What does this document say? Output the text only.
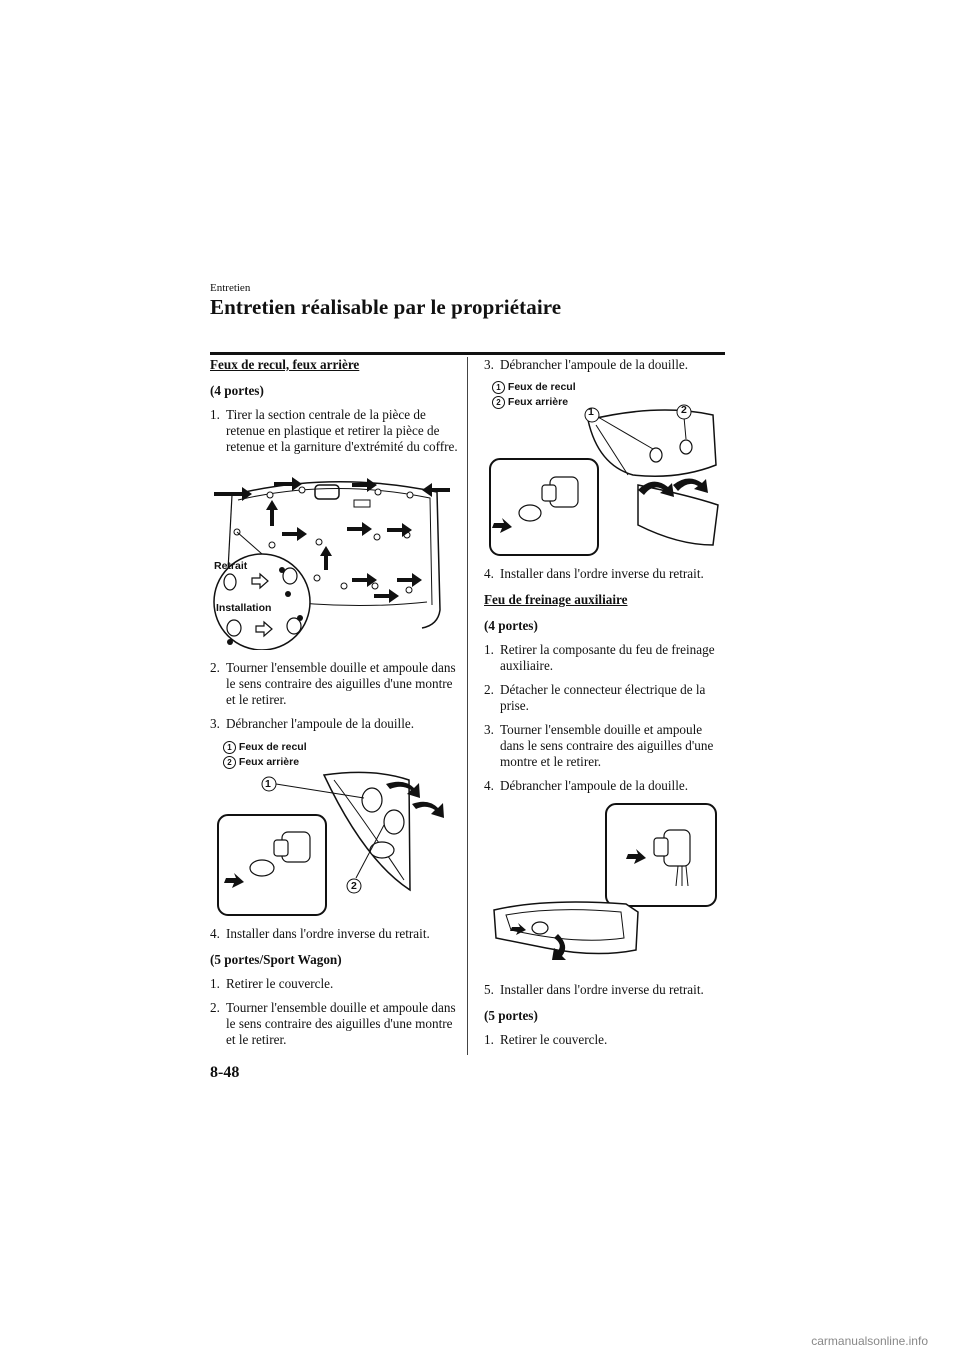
Entretien
Entretien réalisable par le propriétaire

Feux de recul, feux arrière

(4 portes)

1. Tirer la section centrale de la pièce de retenue en plastique et retirer la pièce de retenue et la garniture d'extrémité du coffre.
Retrait
Installation
2. Tourner l'ensemble douille et ampoule dans le sens contraire des aiguilles d'une montre et le retirer.
3. Débrancher l'ampoule de la douille.
1 Feux de recul
2 Feux arrière
1
2
4. Installer dans l'ordre inverse du retrait.

(5 portes/Sport Wagon)

1. Retirer le couvercle.
2. Tourner l'ensemble douille et ampoule dans le sens contraire des aiguilles d'une montre et le retirer.
3. Débrancher l'ampoule de la douille.
1 Feux de recul
2 Feux arrière
1	2
4. Installer dans l'ordre inverse du retrait.

Feu de freinage auxiliaire

(4 portes)

1. Retirer la composante du feu de freinage auxiliaire.
2. Détacher le connecteur électrique de la prise.
3. Tourner l'ensemble douille et ampoule dans le sens contraire des aiguilles d'une montre et le retirer.
4. Débrancher l'ampoule de la douille.
5. Installer dans l'ordre inverse du retrait.

(5 portes)

1. Retirer le couvercle.
8-48
carmanualsonline.info
